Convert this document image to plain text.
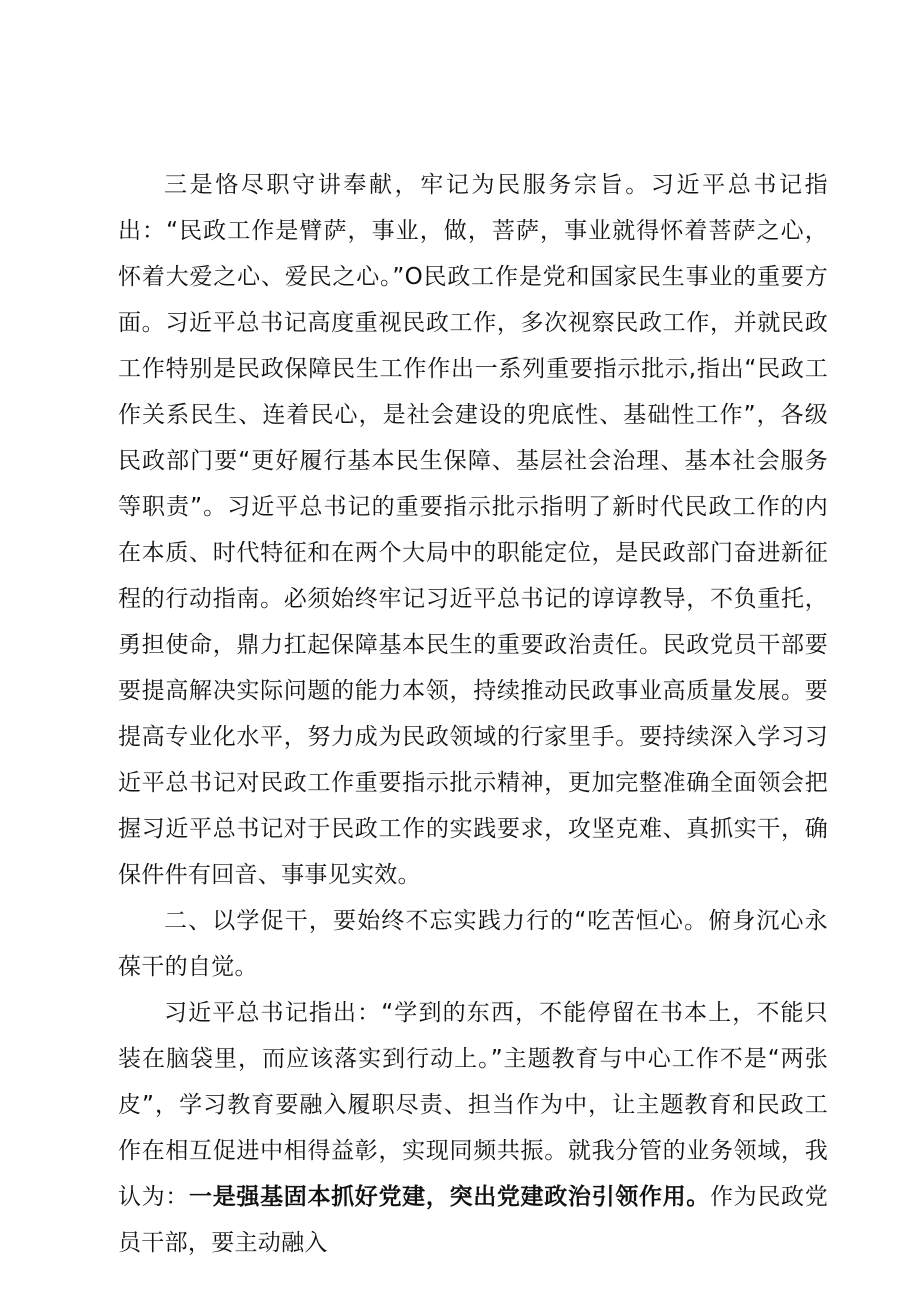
三是恪尽职守讲奉献，牢记为民服务宗旨。习近平总书记指出：“民政工作是臂萨，事业，做，菩萨，事业就得怀着菩萨之心，怀着大爱之心、爱民之心。”O民政工作是党和国家民生事业的重要方面。习近平总书记高度重视民政工作，多次视察民政工作，并就民政工作特别是民政保障民生工作作出一系列重要指示批示,指出“民政工作关系民生、连着民心，是社会建设的兜底性、基础性工作”，各级民政部门要“更好履行基本民生保障、基层社会治理、基本社会服务等职责”。习近平总书记的重要指示批示指明了新时代民政工作的内在本质、时代特征和在两个大局中的职能定位，是民政部门奋进新征程的行动指南。必须始终牢记习近平总书记的谆谆教导，不负重托，勇担使命，鼎力扛起保障基本民生的重要政治责任。民政党员干部要要提高解决实际问题的能力本领，持续推动民政事业高质量发展。要提高专业化水平，努力成为民政领域的行家里手。要持续深入学习习近平总书记对民政工作重要指示批示精神，更加完整准确全面领会把握习近平总书记对于民政工作的实践要求，攻坚克难、真抓实干，确保件件有回音、事事见实效。

二、以学促干，要始终不忘实践力行的“吃苦恒心。俯身沉心永葆干的自觉。

习近平总书记指出：“学到的东西，不能停留在书本上，不能只装在脑袋里，而应该落实到行动上。”主题教育与中心工作不是“两张皮”，学习教育要融入履职尽责、担当作为中，让主题教育和民政工作在相互促进中相得益彰，实现同频共振。就我分管的业务领域，我认为：一是强基固本抓好党建，突出党建政治引领作用。作为民政党员干部，要主动融入
